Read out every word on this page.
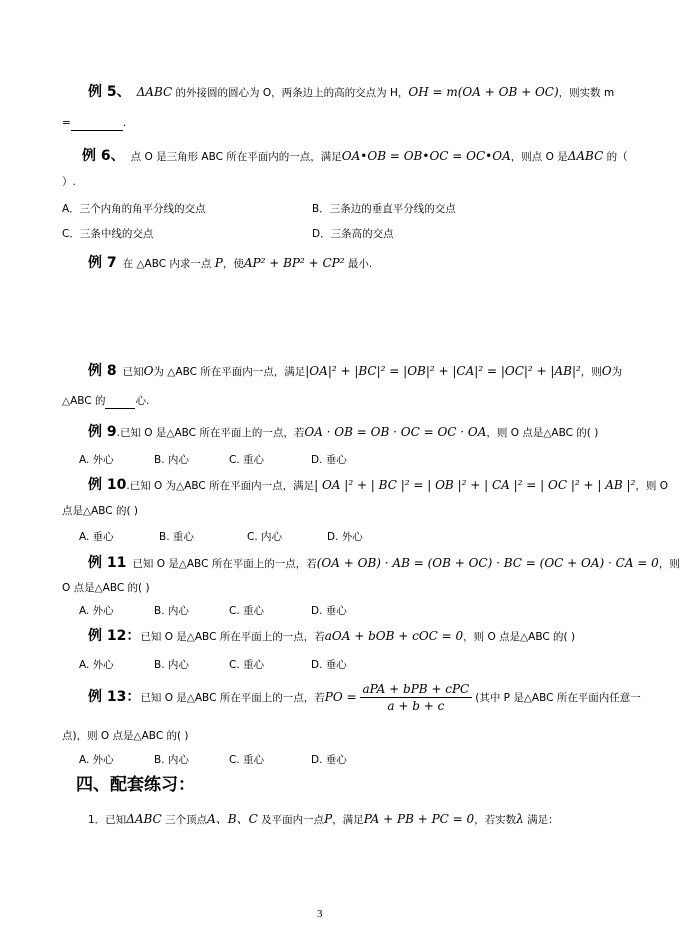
例 5、 ΔABC 的外接圆的圆心为 O，两条边上的高的交点为 H，OH = m(OA + OB + OC)，则实数 m
=	.
例 6、 点 O 是三角形 ABC 所在平面内的一点，满足OA•OB = OB•OC = OC•OA，则点 O 是ΔABC 的（
）.
A．三个内角的角平分线的交点	B．三条边的垂直平分线的交点
C．三条中线的交点	D．三条高的交点
例 7 在 △ABC 内求一点 P，使AP² + BP² + CP² 最小.
例 8 已知O为 △ABC 所在平面内一点，满足|OA|² + |BC|² = |OB|² + |CA|² = |OC|² + |AB|²，则O为
△ABC 的	心.
例 9.已知 O 是△ABC 所在平面上的一点，若OA · OB = OB · OC = OC · OA，则 O 点是△ABC 的( )
A. 外心	B. 内心	C. 重心	D. 垂心
例 10.已知 O 为△ABC 所在平面内一点，满足| OA |² + | BC |² = | OB |² + | CA |² = | OC |² + | AB |²，则 O
点是△ABC 的( )
A. 垂心	B. 重心	C. 内心	D. 外心
例 11 已知 O 是△ABC 所在平面上的一点，若(OA + OB) · AB = (OB + OC) · BC = (OC + OA) · CA = 0，则
O 点是△ABC 的( )
A. 外心	B. 内心	C. 重心	D. 垂心
例 12：已知 O 是△ABC 所在平面上的一点，若aOA + bOB + cOC = 0，则 O 点是△ABC 的( )
A. 外心	B. 内心	C. 重心	D. 垂心
例 13：已知 O 是△ABC 所在平面上的一点，若PO = $\frac{\text{aPA + bPB + cPC}}{a + b + c}$ (其中 P 是△ABC 所在平面内任意一
点)，则 O 点是△ABC 的( )
A. 外心	B. 内心	C. 重心	D. 垂心
四、配套练习：
1．已知ΔABC 三个顶点A、B、C 及平面内一点P，满足PA + PB + PC = 0，若实数λ 满足：
3
